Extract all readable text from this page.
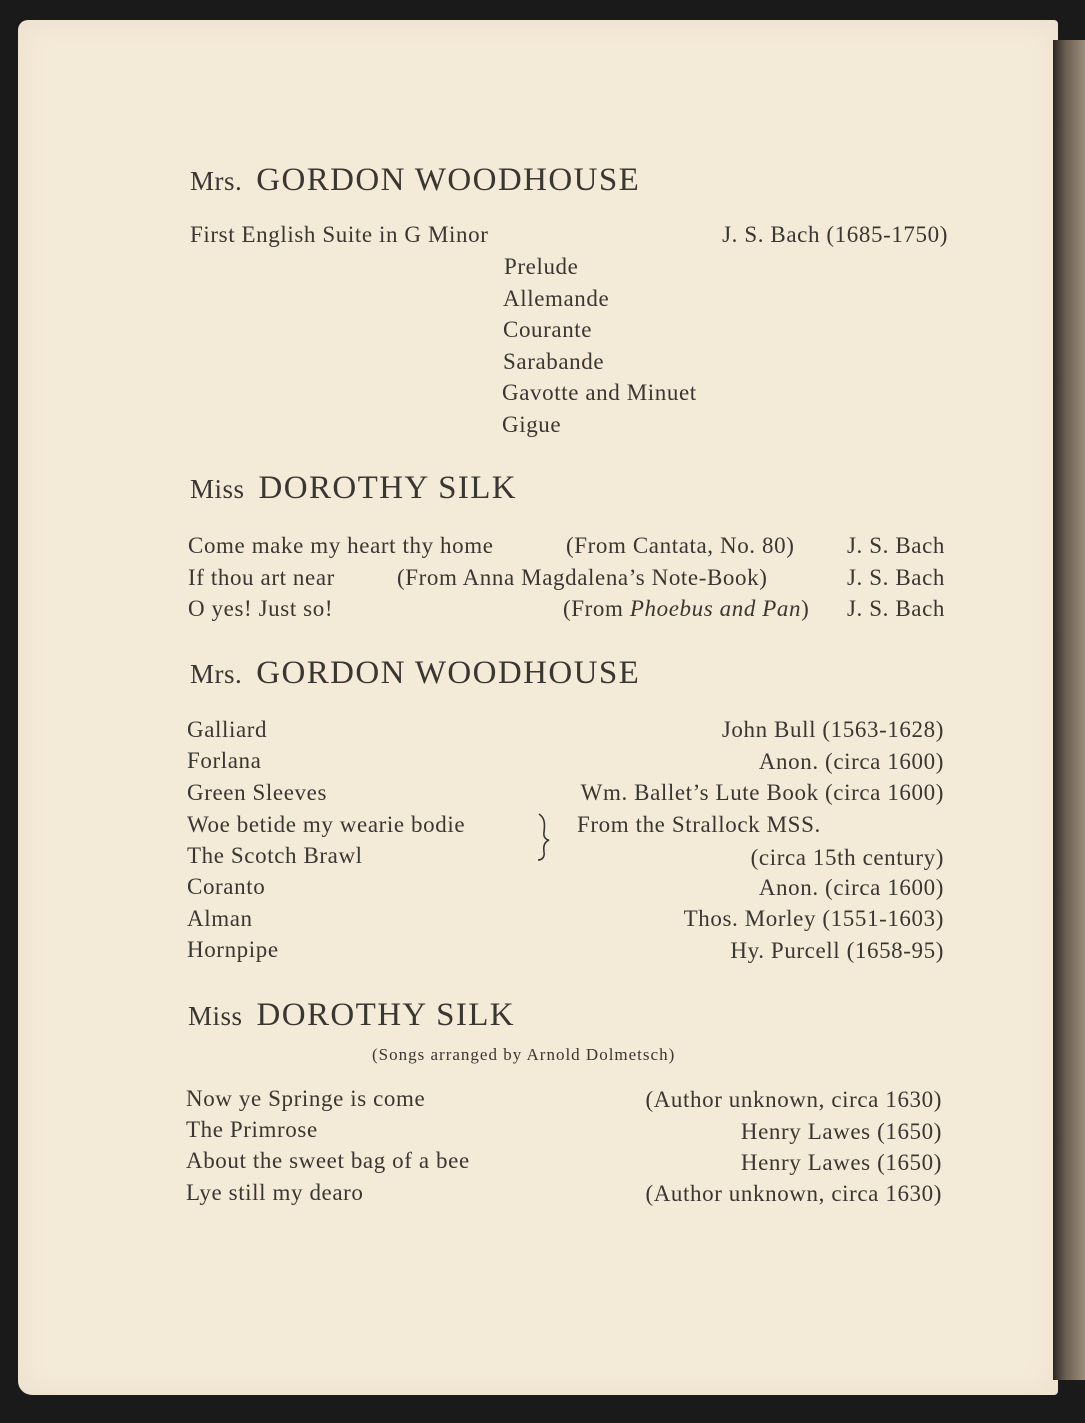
Mrs. GORDON WOODHOUSE
First English Suite in G Minor	J. S. Bach (1685-1750)
Prelude
Allemande
Courante
Sarabande
Gavotte and Minuet
Gigue
Miss DOROTHY SILK
Come make my heart thy home	(From Cantata, No. 80) J. S. Bach
If thou art near	(From Anna Magdalena’s Note-Book)	J. S. Bach
O yes! Just so!	(From Phoebus and Pan) J. S. Bach
Mrs. GORDON WOODHOUSE
Galliard	John Bull (1563-1628)
Forlana	Anon. (circa 1600)
Green Sleeves	Wm. Ballet’s Lute Book (circa 1600)
Woe betide my wearie bodie	From the Strallock MSS.
The Scotch Brawl	(circa 15th century)
Coranto	Anon. (circa 1600)
Alman	Thos. Morley (1551-1603)
Hornpipe	Hy. Purcell (1658-95)
Miss DOROTHY SILK
(Songs arranged by Arnold Dolmetsch)
Now ye Springe is come	(Author unknown, circa 1630)
The Primrose	Henry Lawes (1650)
About the sweet bag of a bee	Henry Lawes (1650)
Lye still my dearo	(Author unknown, circa 1630)
